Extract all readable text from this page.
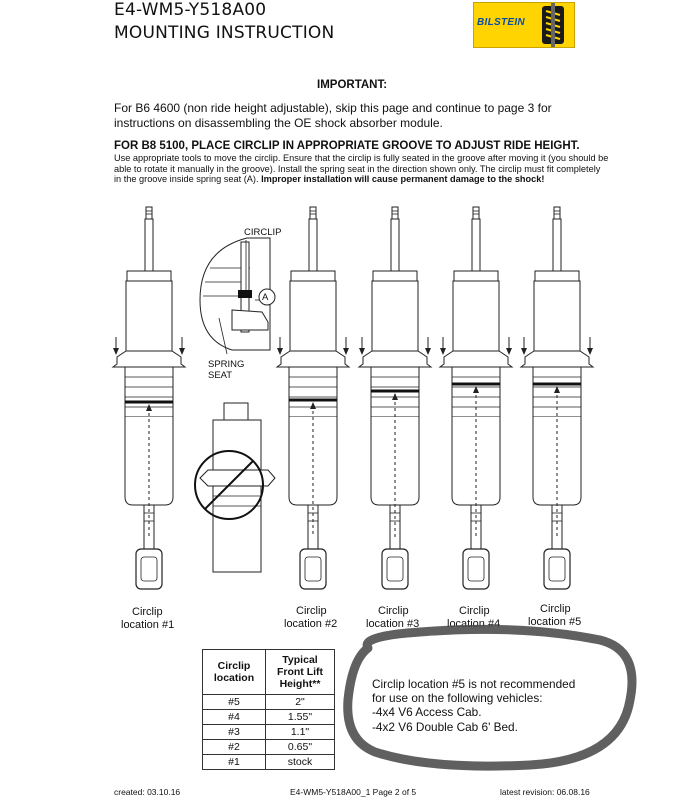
E4-WM5-Y518A00
MOUNTING INSTRUCTION
BILSTEIN
IMPORTANT:
For B6 4600 (non ride height adjustable), skip this page and continue to page 3 for instructions on disassembling the OE shock absorber module.
FOR B8 5100, PLACE CIRCLIP IN APPROPRIATE GROOVE TO ADJUST RIDE HEIGHT.
Use appropriate tools to move the circlip. Ensure that the circlip is fully seated in the groove after moving it (you should be able to rotate it manually in the groove). Install the spring seat in the direction shown only. The circlip must fit completely in the groove inside spring seat (A). Improper installation will cause permanent damage to the shock!
CIRCLIP
A
SPRING
SEAT
Circlip
location #1
Circlip
location #2
Circlip
location #3
Circlip
location #4
Circlip
location #5
Circlip
location	Typical
Front Lift
Height**
#5	2"
#4	1.55"
#3	1.1"
#2	0.65"
#1	stock
Circlip location #5 is not recommended
for use on the following vehicles:
-4x4 V6 Access Cab.
-4x2 V6 Double Cab 6' Bed.
created: 03.10.16	E4-WM5-Y518A00_1 Page 2 of 5	latest revision: 06.08.16
